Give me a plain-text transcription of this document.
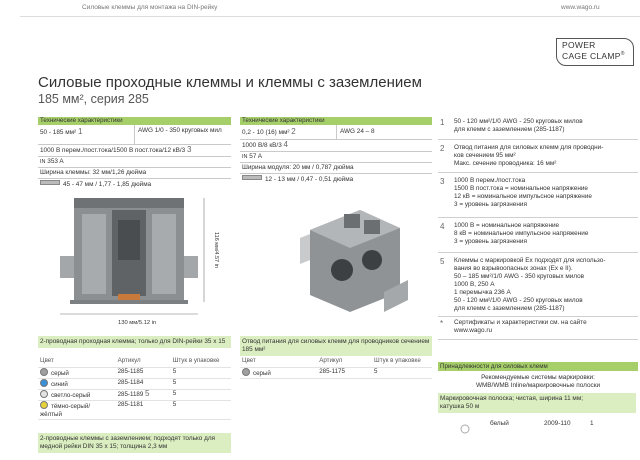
Силовые клеммы для монтажа на DIN-рейку	www.wago.ru
POWER
CAGE CLAMP®
Силовые проходные клеммы и клеммы с заземлением
185 мм², серия 285
Технические характеристики
50 - 185 мм² 1	AWG 1/0 - 350 круговых мил
1000 В перем./пост.тока/1500 В пост.тока/12 кВ/3 3
IN 353 A
Ширина клеммы: 32 мм/1,26 дюйма
45 - 47 мм / 1,77 - 1,85 дюйма
116 мм/4.57 in
130 мм/5.12 in
2-проводная проходная клемма; только для DIN-рейки 35 x 15
Цвет	Артикул	Штук в упаковке
серый	285-1185	5
синий	285-1184	5
светло-серый	285-1189 5	5
тёмно-серый/ жёлтый	285-1181	5
2-проводные клеммы с заземлением; подходят только для медной рейки DIN 35 x 15; толщина 2,3 мм
Технические характеристики
0,2 - 10 (16) мм² 2	AWG 24 – 8
1000 В/8 кВ/3 4
IN 57 A
Ширина модуля: 20 мм / 0,787 дюйма
12 - 13 мм / 0,47 - 0,51 дюйма
Отвод питания для силовых клемм для проводников сечением 185 мм²
Цвет	Артикул	Штук в упаковке
серый	285-1175	5
1 50 - 120 мм²/1/0 AWG - 250 круговых милов
для клемм с заземлением (285-1187)
2 Отвод питания для силовых клемм для проводни-
ков сечением 95 мм²
Макс. сечение проводника: 16 мм²
3 1000 В перем./пост.тока
1500 В пост.тока = номинальное напряжение
12 кВ = номинальное импульсное напряжение
3 = уровень загрязнения
4 1000 В = номинальное напряжение
8 кВ = номинальное импульсное напряжение
3 = уровень загрязнения
5 Клеммы с маркировкой Ex подходят для использо-
вания во взрывоопасных зонах (Ex e II).
50 – 185 мм²/1/0 AWG - 350 круговых милов
1000 В, 250 A
1 перемычка 236 A
50 - 120 мм²/1/0 AWG - 250 круговых милов
для клемм с заземлением (285-1187)
* Сертификаты и характеристики см. на сайте
www.wago.ru
Принадлежности для силовых клемм
Рекомендуемые системы маркировки:
WMB/WMB Inline/маркировочные полоски
Маркировочная полоска; чистая, ширина 11 мм;
катушка 50 м
белый	2009-110	1
